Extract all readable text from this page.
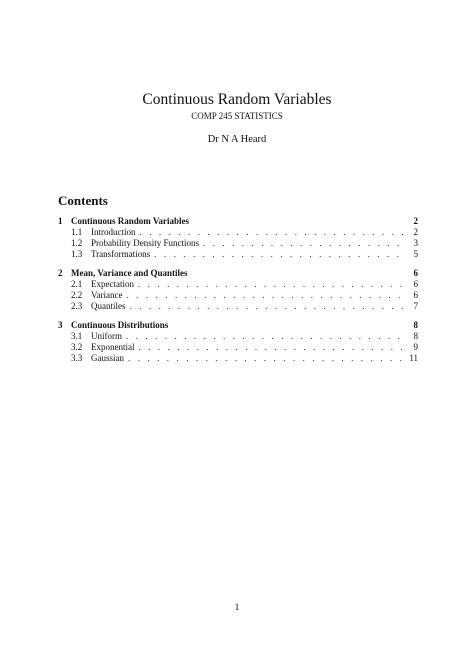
Continuous Random Variables
COMP 245 STATISTICS
Dr N A Heard
Contents
1 Continuous Random Variables	2
1.1 Introduction . . .	2
1.2 Probability Density Functions . . .	3
1.3 Transformations . . .	5
2 Mean, Variance and Quantiles	6
2.1 Expectation . . .	6
2.2 Variance . . .	6
2.3 Quantiles . . .	7
3 Continuous Distributions	8
3.1 Uniform . . .	8
3.2 Exponential . . .	9
3.3 Gaussian . . .	11
1
